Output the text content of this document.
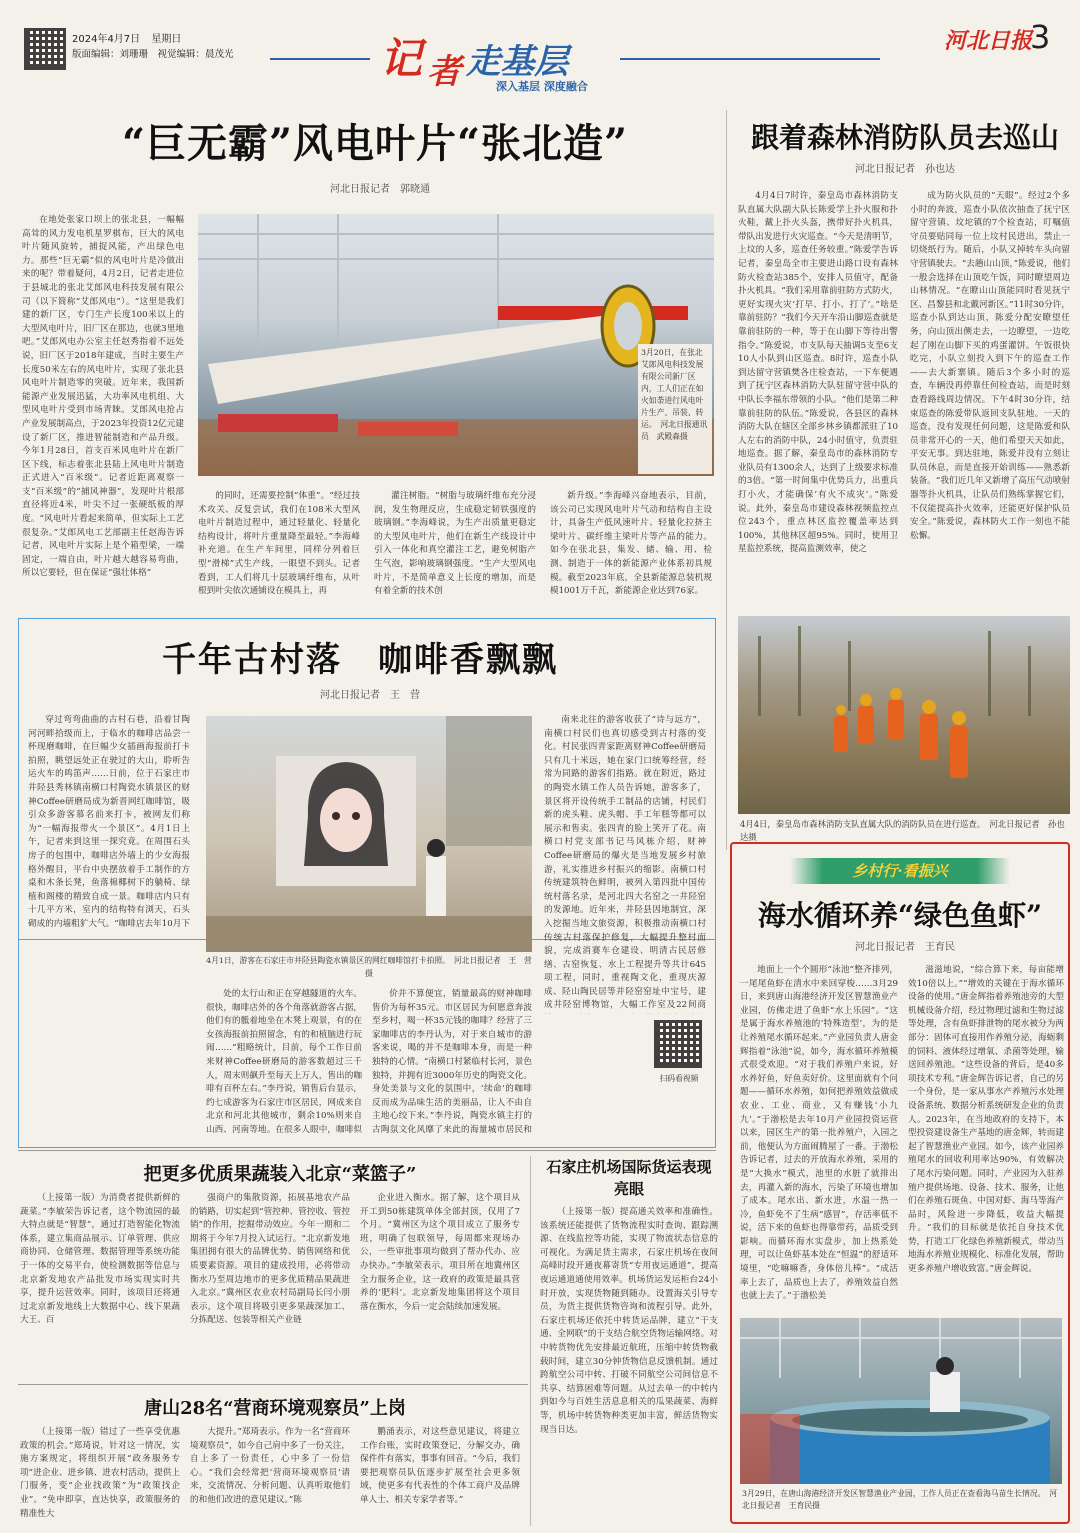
2024年4月7日 星期日
版面编辑：刘珊珊　视觉编辑：晨茂光	记 者 走基层
深入基层 深度融合
河北日报
3
“巨无霸”风电叶片“张北造”
河北日报记者　郭晓通
在地处张家口坝上的张北县，一幅幅高耸的风力发电机星罗棋布，巨大的风电叶片随风旋转，捕捉风能，产出绿色电力。那些“巨无霸”似的风电叶片是冷做出来的呢？带着疑问，4月2日，记者走进位于县城北的张北艾郎风电科技发展有限公司（以下简称“艾郎风电”）。“这里是我们建的新厂区，专门生产长度100米以上的大型风电叶片，旧厂区在那边，也就3里地吧。”艾郎风电办公室主任赵秀指着不远处说，旧厂区于2018年建成，当时主要生产长度50米左右的风电叶片，实现了张北县风电叶片制造零的突破。近年来，我国新能源产业发展迅猛，大功率风电机组、大型风电叶片受到市场青睐。艾郎风电抢占产业发展制高点，于2023年投资12亿元建设了新厂区，推进智能制造和产品升级。今年1月28日，首支百米风电叶片在新厂区下线，标志着张北县陆上风电叶片制造正式进入“百米级”。记者近距离观察一支“百米级”的“捕风神器”，发现叶片根部直径将近4米，叶尖不过一张硬纸板的厚度。“风电叶片看起来简单，但实际上工艺很复杂。”艾郎风电工艺部副主任赵海告诉记者，风电叶片实际上是个箱型梁，一端固定，一端自由，叶片越大越容易弯曲，所以它要轻，但在保证“强壮体格”
3月20日，在张北艾郎风电科技发展有限公司新厂区内，工人们正在如火如荼进行风电叶片生产、吊装、转运。　河北日报通讯员　武殿森摄
的同时，还需要控制“体重”。“经过技术攻关、反复尝试，我们在108米大型风电叶片制造过程中，通过轻量化、轻量化结构设计，将叶片重量降至最轻。”李海峰补充道。在生产车间里，同样分列着巨型“滑梯”式生产线，一眼望不到头。记者看到，工人们将几十层玻璃纤维布，从叶根到叶尖依次通铺设在模具上，再
灌注树脂。“树脂与玻璃纤维布充分浸润，发生物理反应，生成稳定韧铁强度的玻璃钢。”李海峰说，为生产出质量更稳定的大型风电叶片，他们在新生产线设计中引入一体化和真空灌注工艺，避免树脂产生气泡，影响玻璃钢强度。“生产大型风电叶片，不是简单意义上长度的增加，而是有着全新的技术创
新升级。”李海峰兴奋地表示，目前，该公司已实现风电叶片气动和结构自主设计，具备生产低风速叶片、轻量化拉挤主梁叶片、碳纤维主梁叶片等产品的能力。如今在张北县，集发、储、输、用、检测、制造于一体的新能源产业体系初具规模。截至2023年底，全县新能源总装机规模1001万千瓦，新能源企业达到76家。
跟着森林消防队员去巡山
河北日报记者　孙也达
4月4日7时许，秦皇岛市森林消防支队直属大队副大队长陈爱学上扑火服和扑火鞋，戴上扑火头盔，携带好扑火机具，带队出发进行火灾巡查。“今天是清明节，上坟的人多，巡查任务较重。”陈爱学告诉记者，秦皇岛全市主要进山路口设有森林防火检查站385个，安排人员值守，配备扑火机具。“我们采用靠前驻防方式防火，更好实现火灾‘打早、打小、打了’。”啥是靠前驻防？“我们今天开车沿山脚巡查就是靠前驻防的一种，等于在山脚下等待出警指令。”陈爱说，市支队每天抽调5支至6支10人小队到山区巡查。8时许，巡查小队到达留守营镇樊各庄检查站，一下车便遇到了抚宁区森林消防大队驻留守营中队的中队长李福东带领的小队。“他们是第二种靠前驻防的队伍。”陈爱说，各县区的森林消防大队在辖区全部乡林乡镇都派驻了10人左右的消防中队，24小时值守，负责驻地巡查。据了解，秦皇岛市的森林消防专业队员有1300余人，达到了上级要求标准的3倍。“第一时间集中优势兵力，出重兵打小火，才能确保‘有火不成灾’。”陈爱说。此外，秦皇岛市建设森林视频监控点位243个，重点林区监控覆盖率达到100%，其他林区超95%。同时，使用卫星监控系统，提高监测效率，使之
成为防火队员的“天眼”。经过2个多小时的奔波，巡查小队依次抽查了抚宁区留守营镇、坟坨镇的7个检查站，叮嘱值守员要贴同每一位上坟村民进出，禁止一切烧纸行为。随后，小队又掉转车头向留守营镇驶去。“去趟山山顶，”陈爱说，他们一般会选择在山顶吃午饭，同时瞭望周边山林情况。“在瞭山山顶能同时看见抚宁区、昌黎县和北戴河新区。”11时30分许，巡查小队到达山顶，陈爱分配安瞭望任务，向山顶出侧走去，一边瞭望，一边吃起了刚在山脚下买的鸡蛋灌饼。午饭很快吃完，小队立刻投入到下午的巡查工作——去大新寨镇。随后3个多小时的巡查，车辆没再停靠任何检查站，而是时刻查看路线周边情况。下午4时30分许，结束巡查的陈爱带队返回支队驻地。一天的巡查，没有发现任何问题，这是陈爱和队员非常开心的一天，他们希望天天如此，平安无事。到达驻地，陈爱并没有立刻让队员休息，而是直接开始训练——熟悉新装备。“我们近几年又新增了高压气动喷射器等扑火机具，让队员们熟练掌握它们，不仅能提高扑火效率，还能更好保护队员安全。”陈爱说，森林防火工作一刻也不能松懈。
4月4日，秦皇岛市森林消防支队直属大队的消防队员在进行巡查。　河北日报记者　孙也达摄
千年古村落　咖啡香飘飘
河北日报记者　王　营
穿过弯弯曲曲的古村石巷，沿着甘陶河河畔拾级而上，于临水的咖啡店品尝一杯现磨咖啡，在巨幅少女插画海报前打卡拍照，眺望远处正在驶过的大山，聆听告运火车的鸣笛声……日前，位于石家庄市井陉县秀林镇南横口村陶瓷水镇景区的财神Coffee研磨局成为新晋网红咖啡馆，吸引众多游客慕名前来打卡，被网友们称为“一幅海报带火一个景区”。4月1日上午，记者来到这里一探究竟。在周围石头房子的包围中，咖啡店外墙上的少女海报格外醒目，平台中央摆放着手工制作的方桌和木条长凳，鱼落棉椰树下的躺椅、绿植和阁楼的精致自成一景。咖啡店内只有十几平方米，室内的结构特有浏天，石头砌成的内墙粗犷大气。“咖啡店去年10月下
4月1日，游客在石家庄市井陉县陶瓷水镇景区的网红咖啡馆打卡拍照。　河北日报记者　王　营摄
南来北往的游客收获了“诗与远方”，南横口村民们也真切感受到古村落的变化。村民张四青家距离财神Coffee研磨局只有几十米远，她在家门口统筹经营，经常为同路的游客们指路。就在附近，路过的陶瓷水镇工作人员告诉她，游客多了，景区将开设传统手工制品的店铺，村民们新的虎头鞋、虎头帽、手工年糕等都可以展示和售卖。张四青的脸上笑开了花。南横口村党支部书记马风栋介绍，财神Coffee研磨局的爆火是当地发展乡村旅游，礼实推进乡村振兴的缩影。南横口村传统建筑特色鲜明，被列入第四批中国传统村落名录，是河北四大名窑之一井陉窑的发源地。近年来，井陉县因地制宜，深入挖掘当地文旅资源，积极推动南横口村传统古村落保护修复，大幅提升整村面貌，完成消赛车仓建设、明清古民居修缮、古窑恢复、水上工程提升等共计645项工程，同时，重视陶文化，重现庆源成、陉山陶民居等并陉窑窑址中宝号，建成井陉窑博物馆，大幅工作室及22间商
处的太行山和正在穿越隧道的火车。很快，咖啡店外的各个角落就游客占据，他们有的骶着地坐在木凳上观景，有的在女孩海报前拍照留念，有的和植脑进行玩闹……“粗略统计，目前，每个工作日前来财神Coffee研磨局的游客数超过三千人，周末则飙升至每天上万人，售出的咖啡有百杯左右。”李丹说，销售后台显示，约七成游客为石家庄市区居民，网成来自北京和河北其他城市，剩余10%则来自山西、河南等地。在很多人眼中，咖啡似
价并不算便宜，销量最高的财神咖啡售价为每杯35元。市区居民为何愿意奔波至乡村，喝一杯35元钱的咖啡？经营了三家咖啡店的李丹认为，对于来自城市的游客来说，喝的并不是咖啡本身，而是一种独特的心情。“南横口村紧临村长河，景色独特，并拥有近3000年历史的陶瓷文化。身处美景与文化的氛围中，‘续命’的咖啡反而成为品味生活的美丽品，让人不由自主地心绞下来。”李丹说，陶瓷水镇主打的古陶氛文化风靡了来此的海量城市居民和
扫码看视频
乡村行·看振兴
海水循环养“绿色鱼虾”
河北日报记者　王育民
地面上一个个圆形“泳池”整齐排列，一尾尾鱼虾在清水中来回穿梭……3月29日，来到唐山海港经济开发区智慧渔业产业园，仿佛走进了鱼虾“水上乐园”。“这是属于海水养殖池的‘特殊造型’，为的是让养殖尾水循环起来。”产业园负责人唐金辉指着“泳池”说，如今，海水循环养殖模式很受欢迎。“对于我们养殖户来说，好水养好鱼，好鱼卖好价。这里面就有个问题——循环水养殖，如何把养殖效益做成农业、工业、商业，又有赚钱‘小九九’。”于渤松是去年10月产业园投资运营以来，园区生产的第一批养殖户，入园之前，他便认为方面闹腾屋了一番。于渤松告诉记者，过去的开放海水养殖，采用的是“大换水”模式，池里的水脏了就排出去，再灌入新的海水，污染了环境也增加了成本。尾水出、新水进，水温一热一冷，鱼虾免不了生病“感冒”，存活率低不说，活下来的鱼虾也得靠带药，品质受到影响。而循环海水实盘步，加上热系处理，可以让鱼虾基本处在“恒温”的舒适环境里，“吃嘛嘛香，身体倍儿棒”。“成活率上去了，品质也上去了，养殖效益自然也就上去了。”于渤松美
滋滋地说，“综合算下来，每亩能增效10倍以上。”“增效的关键在于海水循环设备的使用。”唐金辉指着养殖池旁的大型机械设备介绍，经过物理过滤和生物过滤等处理，含有鱼虾排泄物的尾水被分为两部分：固体可直接用作养殖分泌，海蛎剩的饲料、液体经过增氧、杀菌等处理，输送回养殖池。“这些设备的背后，是40多项技术专利。”唐金辉告诉记者，自己的另一个身份，是一家从事水产养殖污水处理设备系统、数据分析系统研发企业的负责人。2023年，在当地政府的支持下，本型投资建设备生产基地的唐金辉，转而建起了智慧渔业产业园。如今，该产业园养殖尾水的回收利用率达90%，有效解决了尾水污染问题。同时，产业园为入驻养殖户提供场地、设备、技术、服务，让他们在养殖石斑鱼、中国对虾、海马等海产品时，风险进一步降低，收益大幅提升。“我们的目标就是依托自身技术优势，打造工厂化绿色养殖新模式，带动当地海水养殖业规模化、标准化发展，帮助更多养殖户增收致富。”唐金辉说。
3月29日，在唐山海港经济开发区智慧渔业产业园，工作人员正在查看海马苗生长情况。　河北日报记者　王育民摄
把更多优质果蔬装入北京“菜篮子”
（上接第一版）为消费者提供新鲜的蔬菜。”李敏荣告诉记者，这个物流园的最大特点就是“智慧”，通过打造智能化物流体系，建立集商品展示、订单管理、供应商协同、仓储管理、数据管理等系统功能于一体的交易平台，使检测数据等信息与北京新发地农产品批发市场实现实时共享，提升运营效率。同时，该项目还将通过北京新发地线上大数据中心、线下果蔬大王、百
强商户的集散资源，拓展基地农产品的销路，切实起到“管控种、管控收、管控销”的作用，挖掘带动效应。今年一期和二期将于今年7月投入试运行。“北京新发地集团拥有很大的品牌优势、销售网络和优质要素资源。项目的建成投用，必将带动衡水乃至周边地市的更多优质精品果蔬进入北京。”冀州区农业农村局副局长闫小朋表示，这个项目将吸引更多果蔬深加工、分拣配送、包装等相关产业链
企业进入衡水。据了解，这个项目从开工到50栋建筑单体全部封顶，仅用了7个月。“冀州区为这个项目成立了服务专班，明确了包联领导，每周都来现场办公，一些审批事项均做到了帮办代办、应办快办。”李敏荣表示，项目所在地冀州区全力服务企业，这一政府的政策是最具营养的‘肥料’。北京新发地集团将这个项目落在衡水，今后一定会陆续加速发展。
石家庄机场国际货运表现亮眼
（上接第一版）提高通关效率和准确性。该系统还能提供了货物流程实时查询、跟踪溯源、在线监控等功能，实现了物流状态信息的可视化。为满足货主需求，石家庄机场在夜间高峰时段开通夜幕寄货“专用夜运通道”，提高夜运通道通使用效率。机场货运发运柜台24小时开放，实现货物随到随办。设置海关引导专员，为货主提供货物咨询和流程引导。此外，石家庄机场还依托中转货运品牌，建立“干支通、全网联”的干支结合航空货物运输网络。对中转货物优先安排最近航班，压缩中转货物截载时间，建立30分钟货物信息反馈机制。通过跨航空公司中转、打破不同航空公司间信息不共享、结算困难等问题。从过去单一的中转内到如今与百姓生活息息相关的瓜果蔬菜、海鲜等，机场中转货物种类更加丰富，鲜活货物实现当日达。
唐山28名“营商环境观察员”上岗
（上接第一版）错过了一些享受优惠政策的机会。”郑琦说，针对这一情况，实施方案规定，将组织开展“政务服务专项”进企业、进乡镇、进农村活动，提供上门服务，变“企业找政策”为“政策找企业”。“免申即享，直达快享，政策服务的精准性大
大提升。”郑琦表示。作为一名“营商环境观察员”，如今自己肩中多了一份关注，自上多了一份责任，心中多了一份信心。“我们会经常把‘营商环境观察员’请来，交流情况、分析问题、认真听取他们的和他们改进的意见建议。”陈
鹏涌表示，对这些意见建议，将建立工作台账，实时政策登记，分解交办，确保件件有落实，事事有回音。“今后，我们要把观察员队伍逐步扩展至社会更多领域，使更多有代表性的个体工商户及品牌单人士、相关专家学者等。”
